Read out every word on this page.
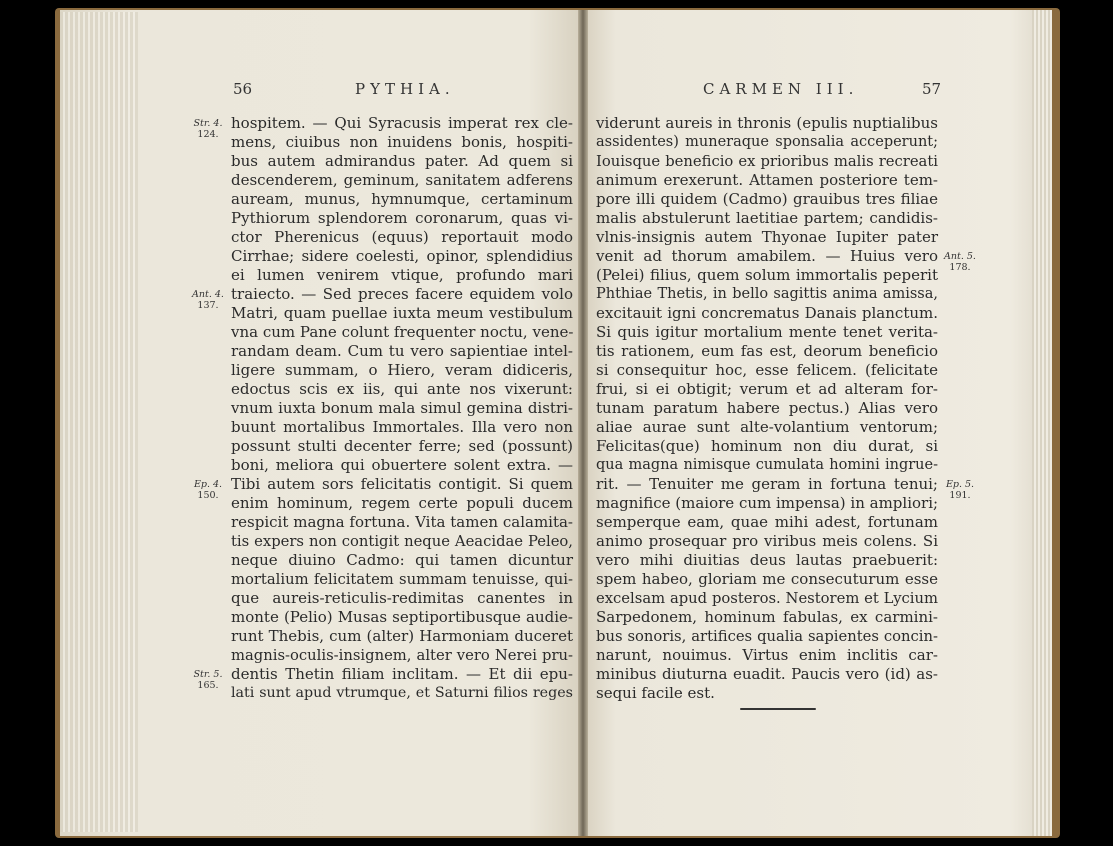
56	PYTHIA.	CARMEN III.	57
hospitem. — Qui Syracusis imperat rex cle-
mens, ciuibus non inuidens bonis, hospiti-
bus autem admirandus pater. Ad quem si
descenderem, geminum, sanitatem adferens
auream, munus, hymnumque, certaminum
Pythiorum splendorem coronarum, quas vi-
ctor Pherenicus (equus) reportauit modo
Cirrhae; sidere coelesti, opinor, splendidius
ei lumen venirem vtique, profundo mari
traiecto. — Sed preces facere equidem volo
Matri, quam puellae iuxta meum vestibulum
vna cum Pane colunt frequenter noctu, vene-
randam deam. Cum tu vero sapientiae intel-
ligere summam, o Hiero, veram didiceris,
edoctus scis ex iis, qui ante nos vixerunt:
vnum iuxta bonum mala simul gemina distri-
buunt mortalibus Immortales. Illa vero non
possunt stulti decenter ferre; sed (possunt)
boni, meliora qui obuertere solent extra. —
Tibi autem sors felicitatis contigit. Si quem
enim hominum, regem certe populi ducem
respicit magna fortuna. Vita tamen calamita-
tis expers non contigit neque Aeacidae Peleo,
neque diuino Cadmo: qui tamen dicuntur
mortalium felicitatem summam tenuisse, qui-
que aureis-reticulis-redimitas canentes in
monte (Pelio) Musas septiportibusque audie-
runt Thebis, cum (alter) Harmoniam duceret
magnis-oculis-insignem, alter vero Nerei pru-
dentis Thetin filiam inclitam. — Et dii epu-
lati sunt apud vtrumque, et Saturni filios reges
Str. 4.
124.
Ant. 4.
137.
Ep. 4.
150.
Str. 5.
165.
viderunt aureis in thronis (epulis nuptialibus
assidentes) muneraque sponsalia acceperunt;
Iouisque beneficio ex prioribus malis recreati
animum erexerunt. Attamen posteriore tem-
pore illi quidem (Cadmo) grauibus tres filiae
malis abstulerunt laetitiae partem; candidis-
vlnis-insignis autem Thyonae Iupiter pater
venit ad thorum amabilem. — Huius vero
(Pelei) filius, quem solum immortalis peperit
Phthiae Thetis, in bello sagittis anima amissa,
excitauit igni concrematus Danais planctum.
Si quis igitur mortalium mente tenet verita-
tis rationem, eum fas est, deorum beneficio
si consequitur hoc, esse felicem. (felicitate
frui, si ei obtigit; verum et ad alteram for-
tunam paratum habere pectus.) Alias vero
aliae aurae sunt alte-volantium ventorum;
Felicitas(que) hominum non diu durat, si
qua magna nimisque cumulata homini ingrue-
rit. — Tenuiter me geram in fortuna tenui;
magnifice (maiore cum impensa) in ampliori;
semperque eam, quae mihi adest, fortunam
animo prosequar pro viribus meis colens. Si
vero mihi diuitias deus lautas praebuerit:
spem habeo, gloriam me consecuturum esse
excelsam apud posteros. Nestorem et Lycium
Sarpedonem, hominum fabulas, ex carmini-
bus sonoris, artifices qualia sapientes concin-
narunt, nouimus. Virtus enim inclitis car-
minibus diuturna euadit. Paucis vero (id) as-
sequi facile est.
Ant. 5.
178.
Ep. 5.
191.
